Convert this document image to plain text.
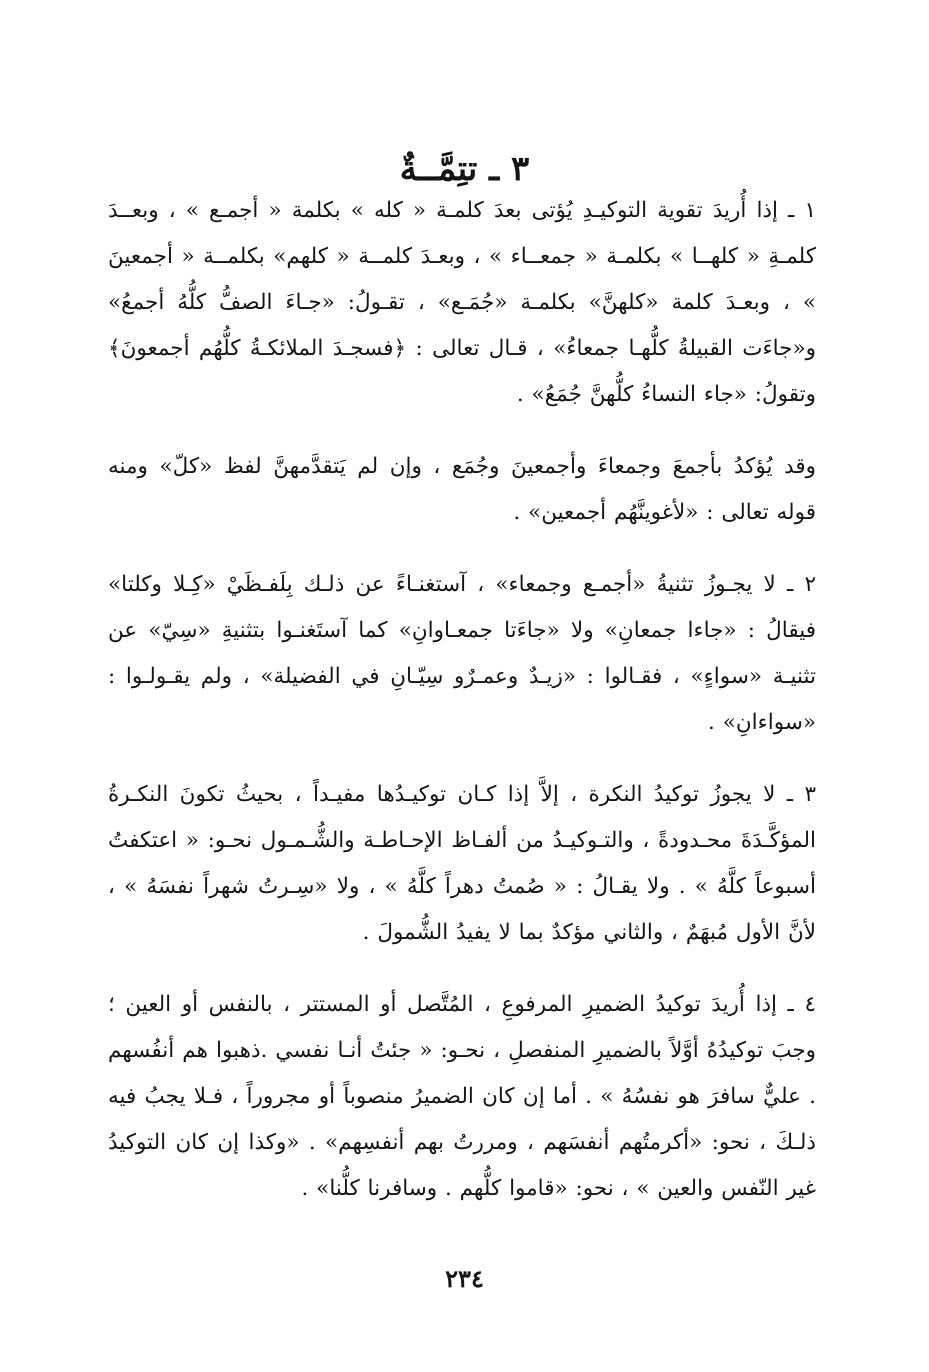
٣ ـ تتِمَّــةٌ

١ ـ إذا أُريدَ تقوية التوكيـدِ يُؤتى بعدَ كلمـة « كله » بكلمة « أجمـع » ، وبعــدَ كلمـةِ « كلهــا » بكلمـة « جمعــاء » ، وبعـدَ كلمــة « كلهم» بكلمــة « أجمعينَ » ، وبعـدَ كلمة «كلهنَّ» بكلمـة «جُمَـع» ، تقـولُ: «جـاءَ الصفُّ كلُّهُ أجمعُ» و«جاءَت القبيلةُ كلُّهـا جمعاءُ» ، قـال تعالى : ﴿فسجـدَ الملائكـةُ كلُّهُم أجمعونَ﴾ وتقولُ: «جاء النساءُ كلُّهنَّ جُمَعُ» .

وقد يُؤكدُ بأجمعَ وجمعاءَ وأجمعينَ وجُمَع ، وإن لم يَتقدَّمهنَّ لفظ «كلّ» ومنه قوله تعالى : «لأغوينَّهُم أجمعين» .

٢ ـ لا يجـوزُ تثنيةُ «أجمـع وجمعاء» ، آستغنـاءً عن ذلـك بِلَفـظَيْ «كِـلا وكلتا» فيقالُ : «جاءا جمعانِ» ولا «جاءَتا جمعـاوانِ» كما آستَغنـوا بتثنيةِ «سِيّ» عن تثنيـة «سواءٍ» ، فقـالوا : «زيـدٌ وعمـرٌو سِيّـانِ في الفضيلة» ، ولم يقـولـوا : «سواءانِ» .

٣ ـ لا يجوزُ توكيدُ النكرة ، إلاَّ إذا كـان توكيـدُها مفيـداً ، بحيثُ تكونَ النكـرةُ المؤكَّـدَةَ محـدودةً ، والتـوكيـدُ من ألفـاظ الإحـاطـة والشُّـمـول نحـو: « اعتكفتُ أسبوعاً كلَّهُ » . ولا يقـالُ : « صُمتُ دهراً كلَّهُ » ، ولا «سِـرتُ شهراً نفسَهُ » ، لأنَّ الأول مُبهَمٌ ، والثاني مؤكدٌ بما لا يفيدُ الشُّمولَ .

٤ ـ إذا أُريدَ توكيدُ الضميرِ المرفوعِ ، المُتَّصل أو المستتر ، بالنفس أو العين ؛ وجبَ توكيدُهُ أوَّلاً بالضميرِ المنفصلِ ، نحـو: « جئتُ أنـا نفسي .ذهبوا هم أنفُسهم . عليٌّ سافرَ هو نفسُهُ » . أما إن كان الضميرُ منصوباً أو مجروراً ، فـلا يجبُ فيه ذلـكَ ، نحو: «أكرمتُهم أنفسَهم ، ومررتُ بهم أنفسِهم» . «وكذا إن كان التوكيدُ غير النّفس والعين » ، نحو: «قاموا كلُّهم . وسافرنا كلُّنا» .

٢٣٤
